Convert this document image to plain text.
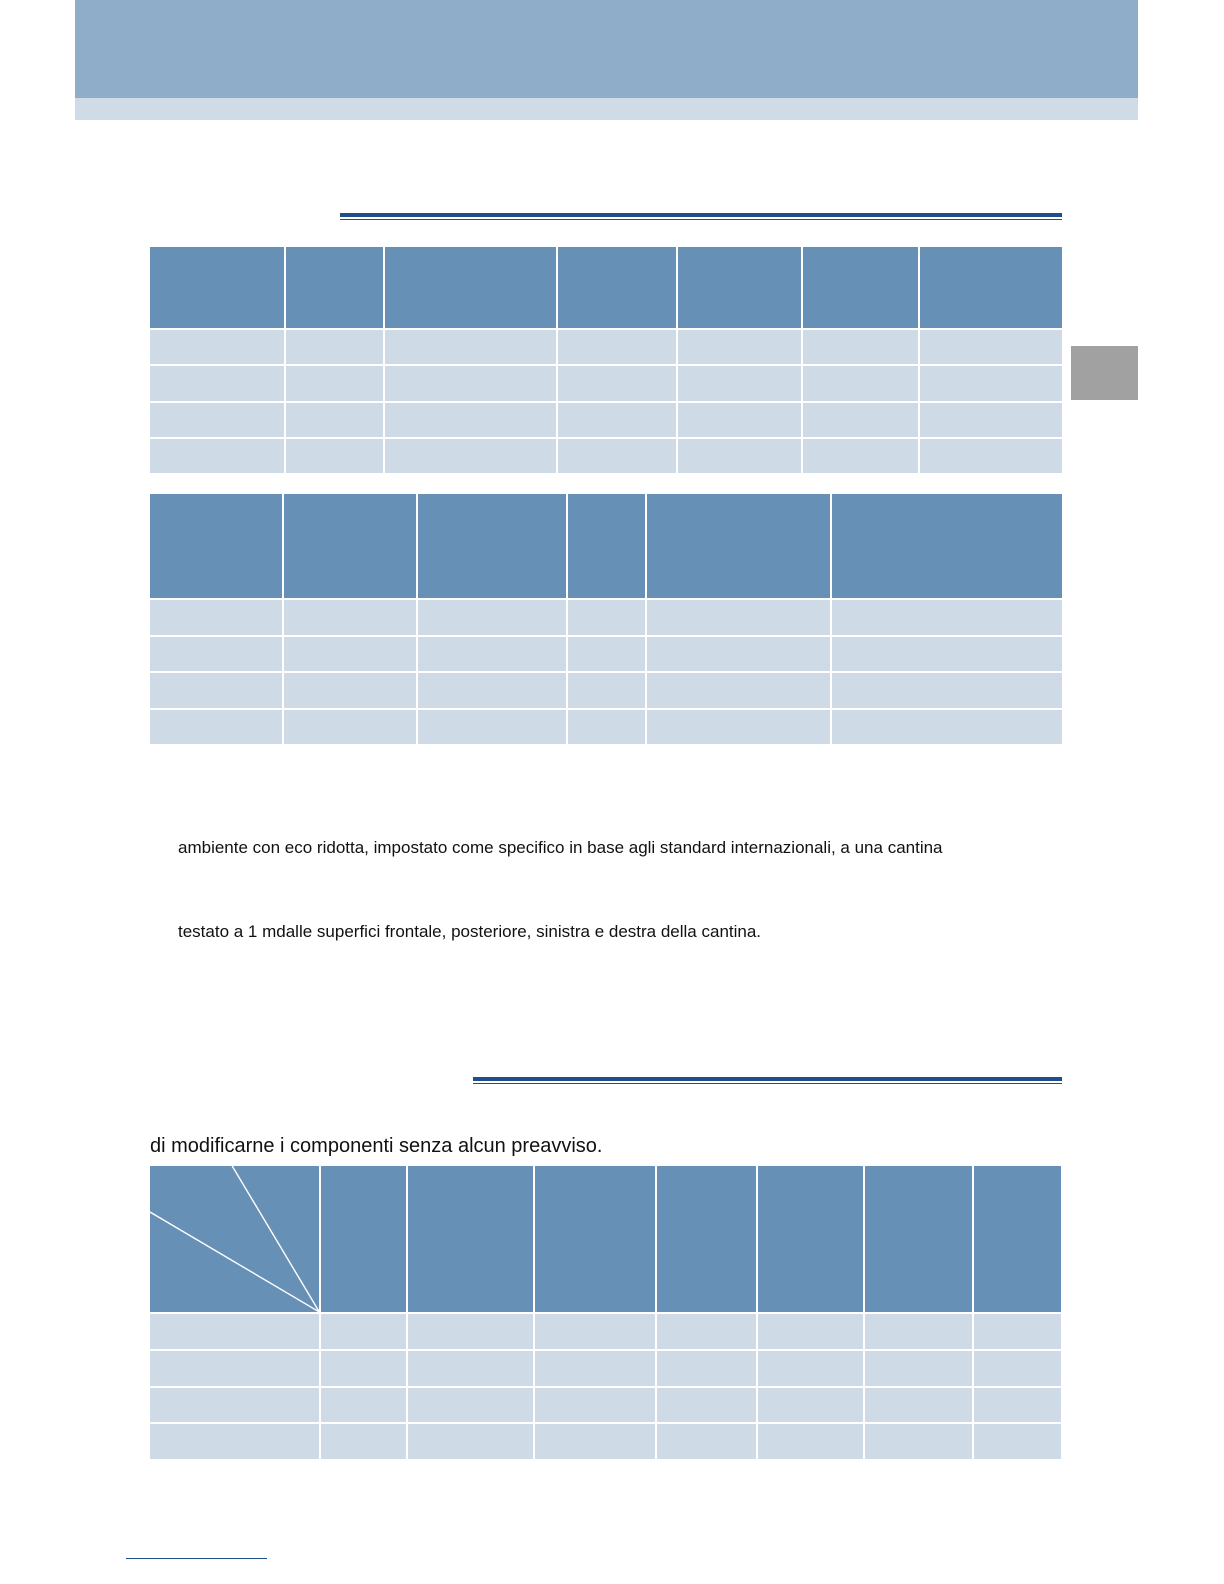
ambiente con eco ridotta, impostato come specifico in base agli standard internazionali, a una cantina
testato a 1 mdalle superfici frontale, posteriore, sinistra e destra della cantina.
di modificarne i componenti senza alcun preavviso.
